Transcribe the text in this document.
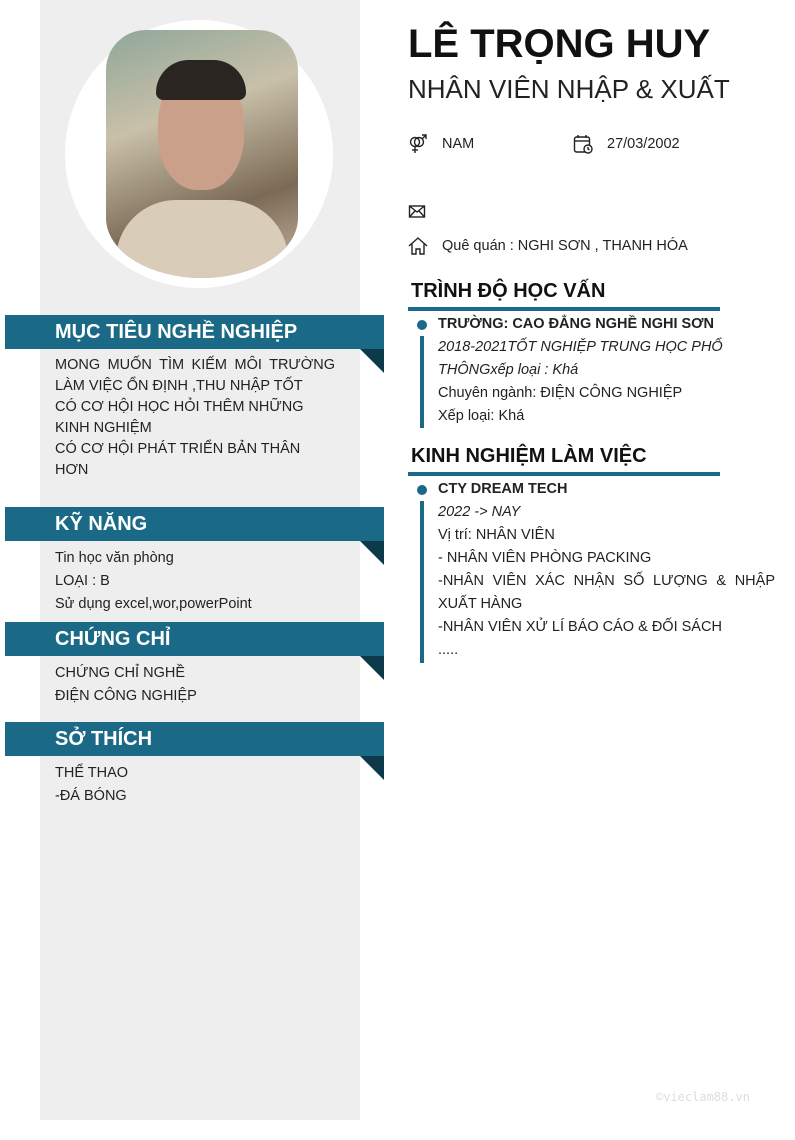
MỤC TIÊU NGHỀ NGHIỆP
MONG MUỐN TÌM KIẾM MÔI TRƯỜNG LÀM VIỆC ỔN ĐỊNH ,THU NHẬP TỐT
CÓ CƠ HỘI HỌC HỎI THÊM NHỮNG KINH NGHIỆM
CÓ CƠ HỘI PHÁT TRIỂN BẢN THÂN HƠN
KỸ NĂNG
Tin học văn phòng
LOẠI : B
Sử dụng excel,wor,powerPoint
CHỨNG CHỈ
CHỨNG CHỈ NGHỀ
ĐIỆN CÔNG NGHIỆP
SỞ THÍCH
THỂ THAO
-ĐÁ BÓNG
LÊ TRỌNG HUY
NHÂN VIÊN NHẬP & XUẤT
NAM	27/03/2002
Quê quán : NGHI SƠN , THANH HÓA
TRÌNH ĐỘ HỌC VẤN
TRƯỜNG: CAO ĐẲNG NGHỀ NGHI SƠN
2018-2021TỐT NGHIỆP TRUNG HỌC PHỔ THÔNGxếp loại : Khá
Chuyên ngành: ĐIỆN CÔNG NGHIỆP
Xếp loại: Khá
KINH NGHIỆM LÀM VIỆC
CTY DREAM TECH
2022 -> NAY
Vị trí: NHÂN VIÊN
- NHÂN VIÊN PHÒNG PACKING
-NHÂN VIÊN XÁC NHẬN SỐ LƯỢNG & NHẬP XUẤT HÀNG
-NHÂN VIÊN XỬ LÍ BÁO CÁO & ĐỐI SÁCH
.....
©vieclam88.vn
